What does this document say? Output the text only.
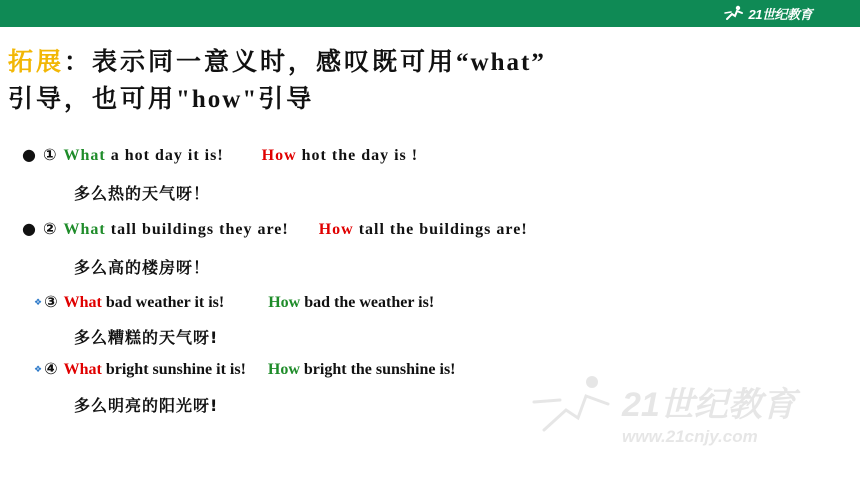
21世纪教育
拓展：表示同一意义时，感叹既可用“what”
引导，也可用"how"引导
● ① What a hot day it is! How hot the day is !
多么热的天气呀！
● ② What tall buildings they are! How tall the buildings are!
多么高的楼房呀！
❖ ③ What bad weather it is!	How bad the weather is!
多么糟糕的天气呀!
❖ ④ What bright sunshine it is! How bright the sunshine is!
多么明亮的阳光呀!	21世纪教育
www.21cnjy.com
